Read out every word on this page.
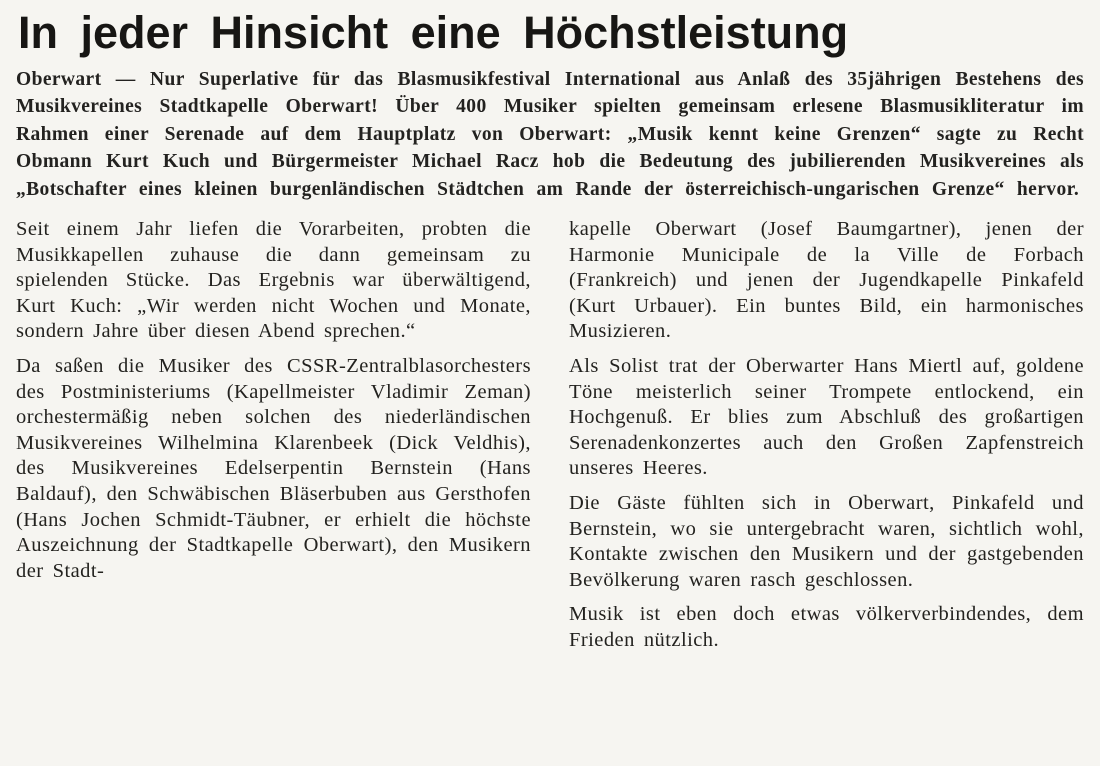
In jeder Hinsicht eine Höchstleistung

Oberwart — Nur Superlative für das Blasmusikfestival International aus Anlaß des 35jährigen Bestehens des Musikvereines Stadtkapelle Oberwart! Über 400 Musiker spielten gemeinsam erlesene Blasmusikliteratur im Rahmen einer Serenade auf dem Hauptplatz von Oberwart: „Musik kennt keine Grenzen“ sagte zu Recht Obmann Kurt Kuch und Bürgermeister Michael Racz hob die Bedeutung des jubilierenden Musikvereines als „Botschafter eines kleinen burgenländischen Städtchen am Rande der österreichisch-ungarischen Grenze“ hervor.

Seit einem Jahr liefen die Vorarbeiten, probten die Musikkapellen zuhause die dann gemeinsam zu spielenden Stücke. Das Ergebnis war überwältigend, Kurt Kuch: „Wir werden nicht Wochen und Monate, sondern Jahre über diesen Abend sprechen.“

Da saßen die Musiker des CSSR-Zentralblasorchesters des Postministeriums (Kapellmeister Vladimir Zeman) orchestermäßig neben solchen des niederländischen Musikvereines Wilhelmina Klarenbeek (Dick Veldhis), des Musikvereines Edelserpentin Bernstein (Hans Baldauf), den Schwäbischen Bläserbuben aus Gersthofen (Hans Jochen Schmidt-Täubner, er erhielt die höchste Auszeichnung der Stadtkapelle Oberwart), den Musikern der Stadt-

kapelle Oberwart (Josef Baumgartner), jenen der Harmonie Municipale de la Ville de Forbach (Frankreich) und jenen der Jugendkapelle Pinkafeld (Kurt Urbauer). Ein buntes Bild, ein harmonisches Musizieren.

Als Solist trat der Oberwarter Hans Miertl auf, goldene Töne meisterlich seiner Trompete entlockend, ein Hochgenuß. Er blies zum Abschluß des großartigen Serenadenkonzertes auch den Großen Zapfenstreich unseres Heeres.

Die Gäste fühlten sich in Oberwart, Pinkafeld und Bernstein, wo sie untergebracht waren, sichtlich wohl, Kontakte zwischen den Musikern und der gastgebenden Bevölkerung waren rasch geschlossen.

Musik ist eben doch etwas völkerverbindendes, dem Frieden nützlich.
